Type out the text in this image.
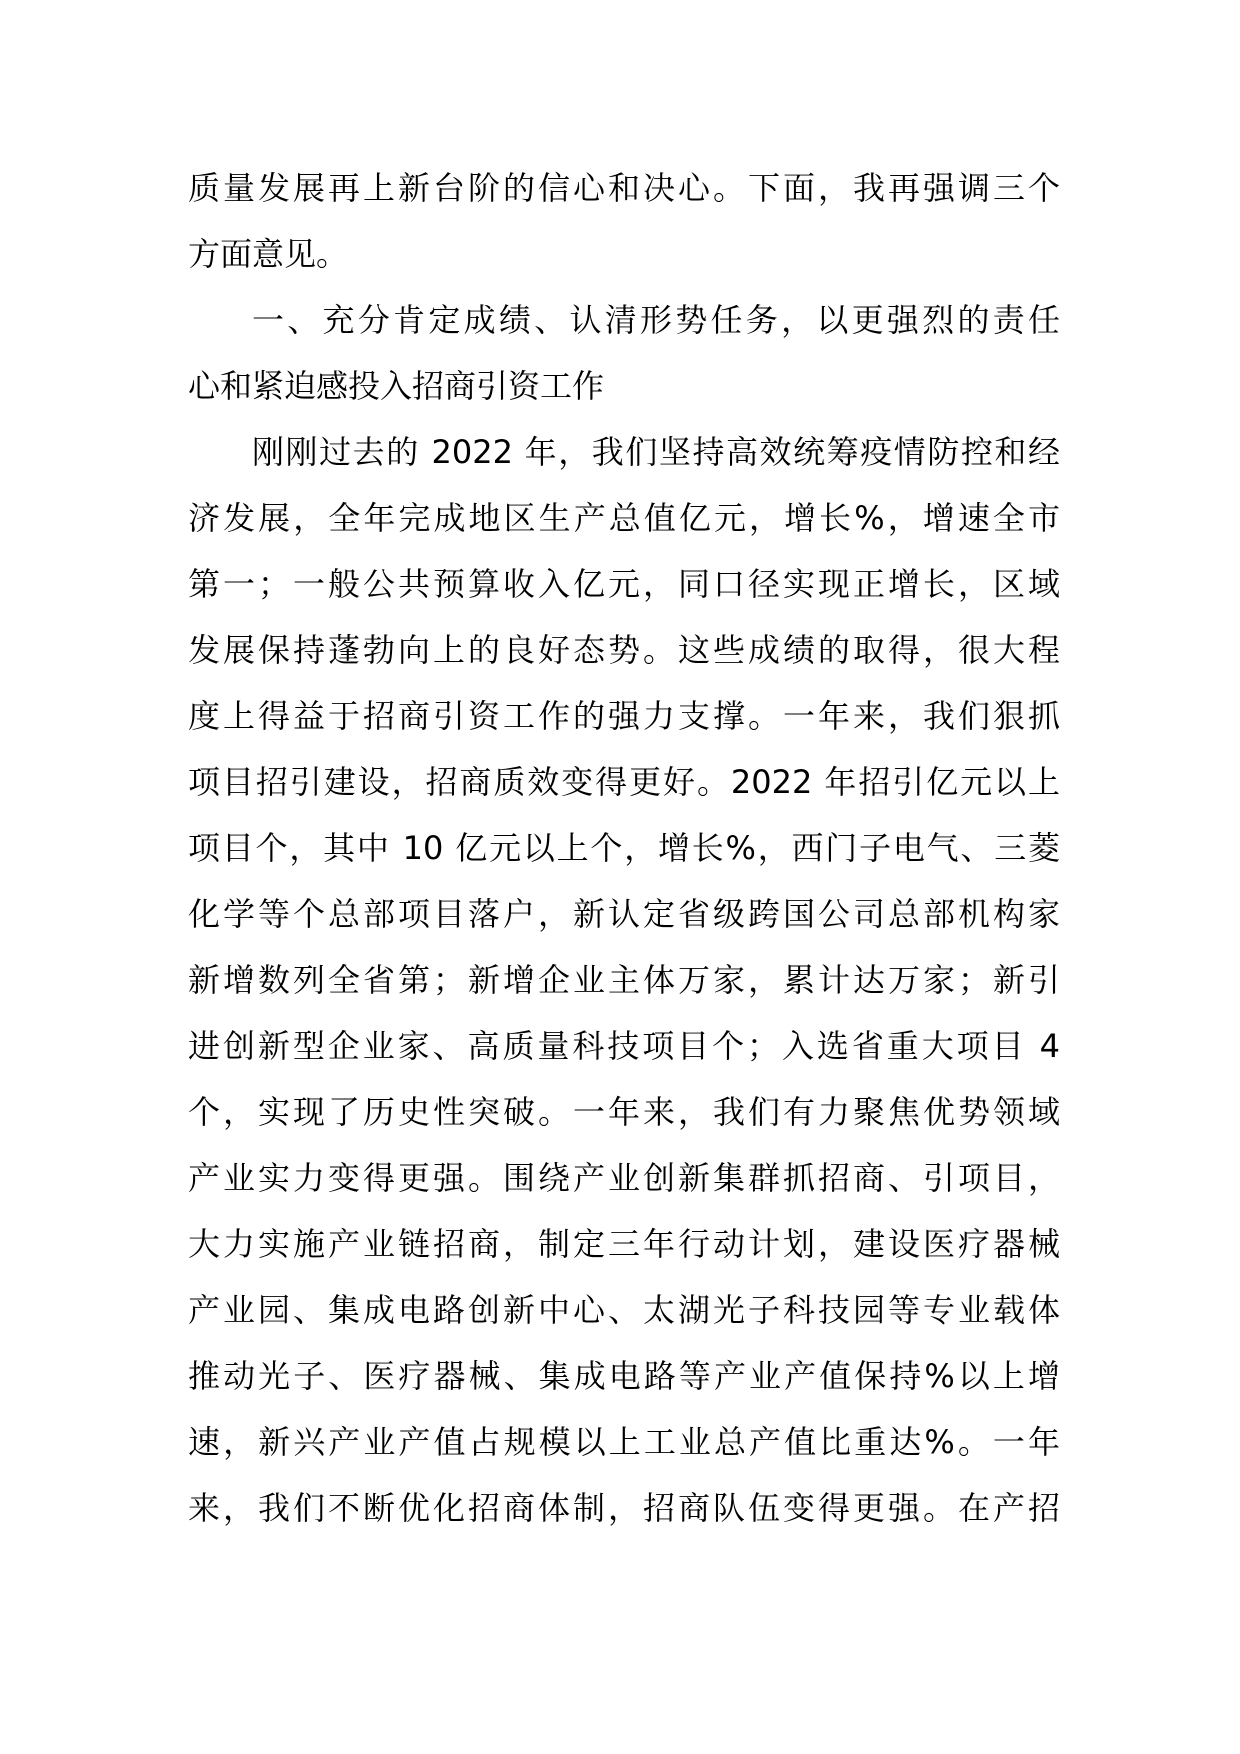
质量发展再上新台阶的信心和决心。下面，我再强调三个
方面意见。
一、充分肯定成绩、认清形势任务，以更强烈的责任
心和紧迫感投入招商引资工作
刚刚过去的 2022 年，我们坚持高效统筹疫情防控和经
济发展，全年完成地区生产总值亿元，增长%，增速全市
第一；一般公共预算收入亿元，同口径实现正增长，区域
发展保持蓬勃向上的良好态势。这些成绩的取得，很大程
度上得益于招商引资工作的强力支撑。一年来，我们狠抓
项目招引建设，招商质效变得更好。2022 年招引亿元以上
项目个，其中 10 亿元以上个，增长%，西门子电气、三菱
化学等个总部项目落户，新认定省级跨国公司总部机构家
新增数列全省第；新增企业主体万家，累计达万家；新引
进创新型企业家、高质量科技项目个；入选省重大项目 4
个，实现了历史性突破。一年来，我们有力聚焦优势领域
产业实力变得更强。围绕产业创新集群抓招商、引项目，
大力实施产业链招商，制定三年行动计划，建设医疗器械
产业园、集成电路创新中心、太湖光子科技园等专业载体
推动光子、医疗器械、集成电路等产业产值保持%以上增
速，新兴产业产值占规模以上工业总产值比重达%。一年
来，我们不断优化招商体制，招商队伍变得更强。在产招
